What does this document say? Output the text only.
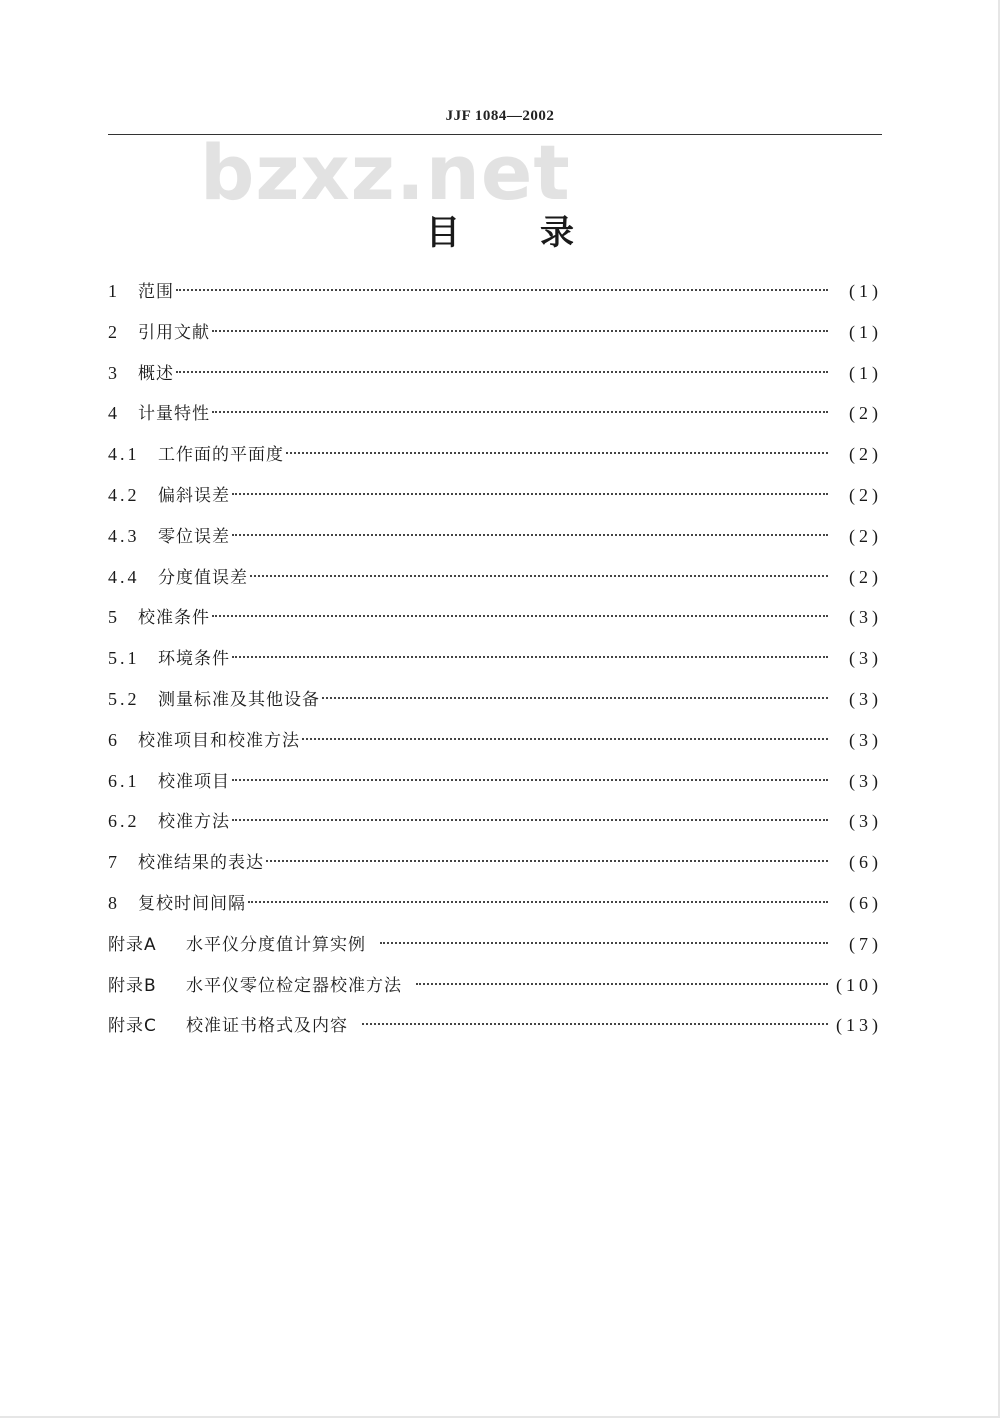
JJF 1084—2002
bzxz.net
目录
1	范围	(1)
2	引用文献	(1)
3	概述	(1)
4	计量特性	(2)
4.1	工作面的平面度	(2)
4.2	偏斜误差	(2)
4.3	零位误差	(2)
4.4	分度值误差	(2)
5	校准条件	(3)
5.1	环境条件	(3)
5.2	测量标准及其他设备	(3)
6	校准项目和校准方法	(3)
6.1	校准项目	(3)
6.2	校准方法	(3)
7	校准结果的表达	(6)
8	复校时间间隔	(6)
附录A	水平仪分度值计算实例	(7)
附录B	水平仪零位检定器校准方法	(10)
附录C	校准证书格式及内容	(13)
